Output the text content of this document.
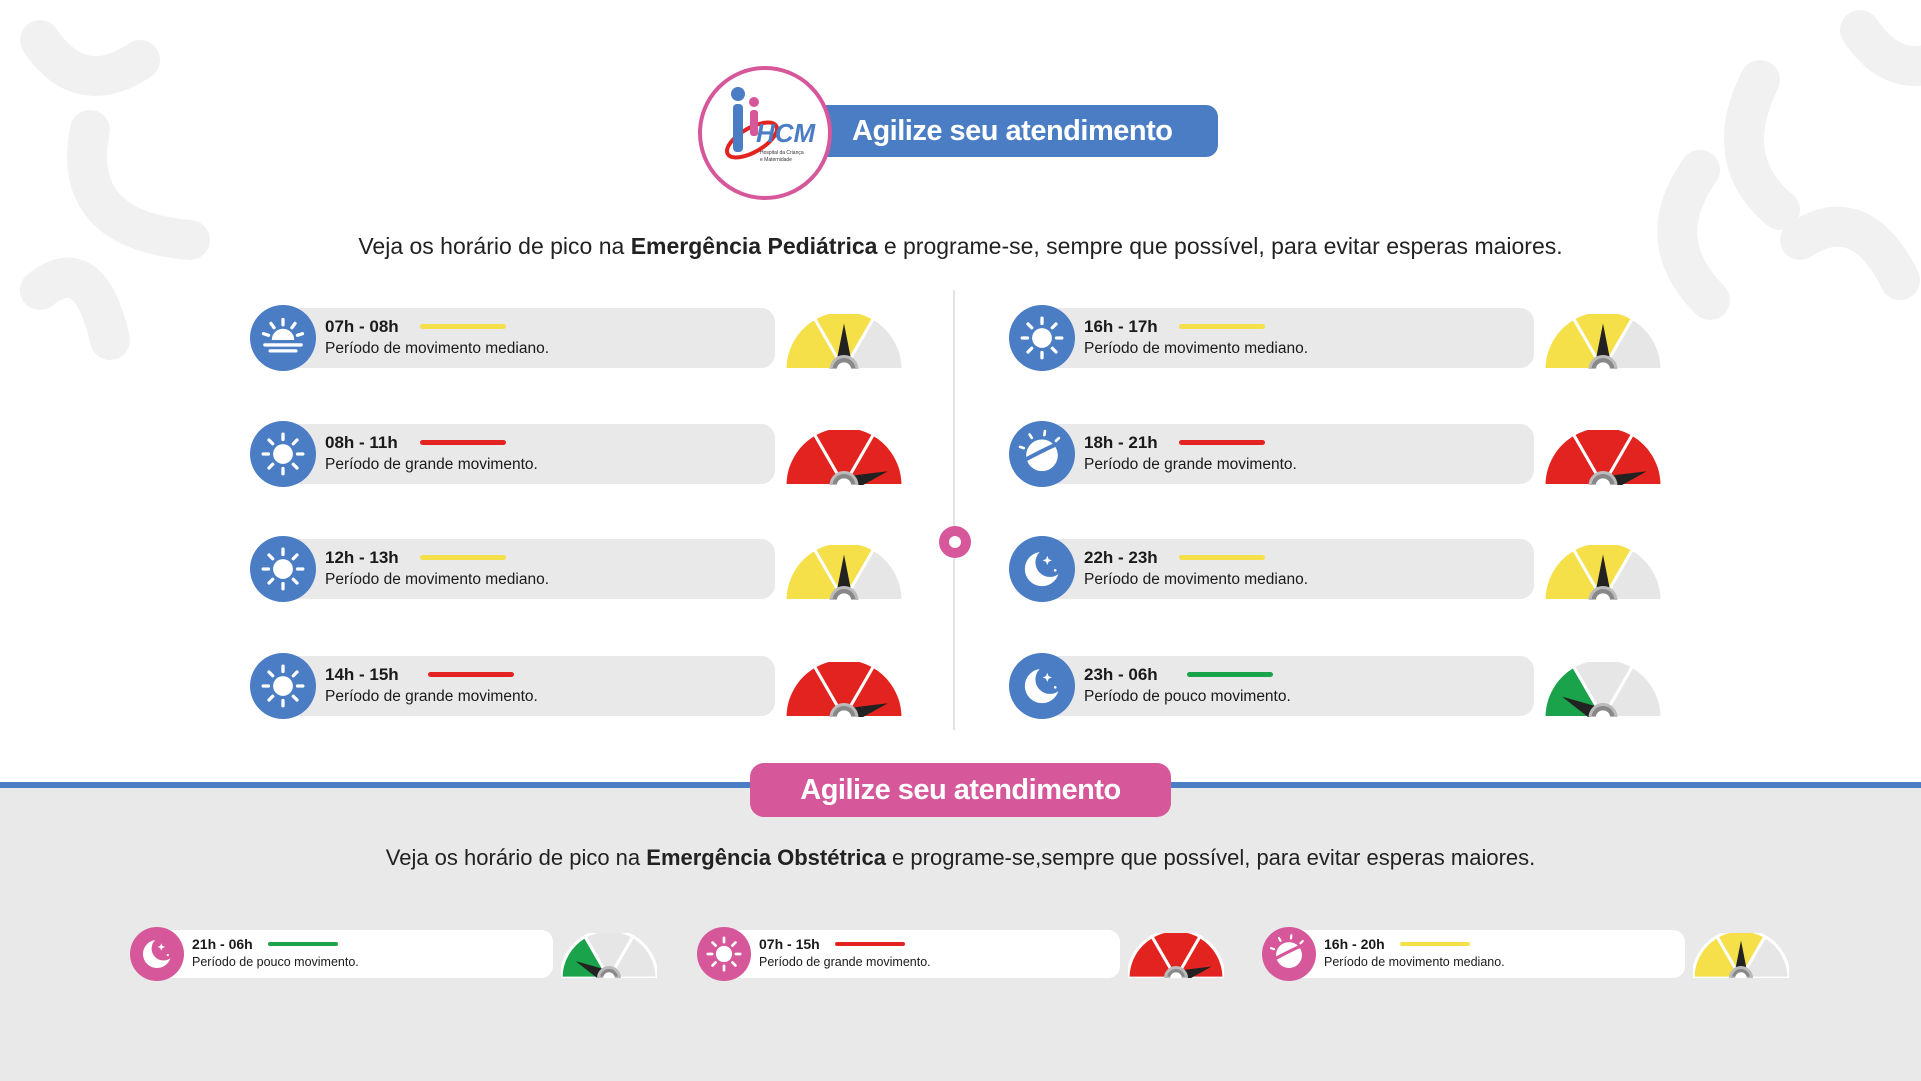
Agilize seu atendimento
HCM
Hospital da Criança
e Maternidade
Veja os horário de pico na Emergência Pediátrica e programe-se, sempre que possível, para evitar esperas maiores.
07h - 08h
Período de movimento mediano.
08h - 11h
Período de grande movimento.
12h - 13h
Período de movimento mediano.
14h - 15h
Período de grande movimento.
16h - 17h
Período de movimento mediano.
18h - 21h
Período de grande movimento.
22h - 23h
Período de movimento mediano.
23h - 06h
Período de pouco movimento.
Veja os horário de pico na Emergência Obstétrica e programe-se,sempre que possível, para evitar esperas maiores.
21h - 06h
Período de pouco movimento.
07h - 15h
Período de grande movimento.
16h - 20h
Período de movimento mediano.
Agilize seu atendimento
